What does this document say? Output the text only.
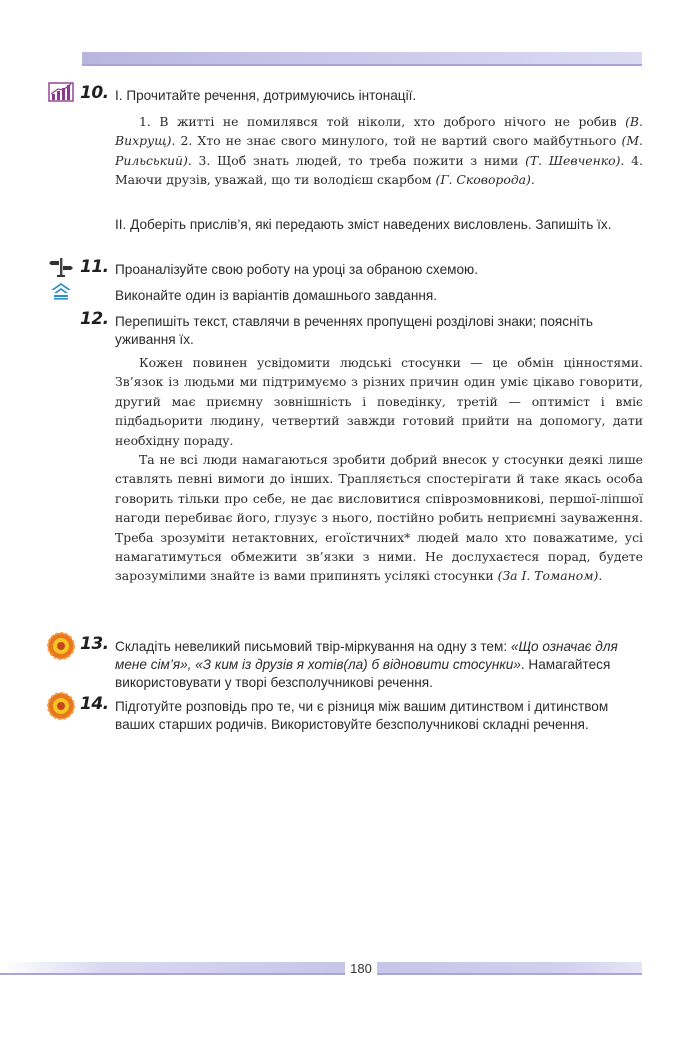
10. І. Прочитайте речення, дотримуючись інтонації.

1. В житті не помилявся той ніколи, хто доброго нічого не робив (В. Вихрущ). 2. Хто не знає свого минулого, той не вартий свого майбутнього (М. Рильський). 3. Щоб знать людей, то треба пожити з ними (Т. Шевченко). 4. Маючи друзів, уважай, що ти володієш скарбом (Г. Сковорода).

ІІ. Доберіть прислів’я, які передають зміст наведених висловлень. Запишіть їх.
11. Проаналізуйте свою роботу на уроці за обраною схемою.
Виконайте один із варіантів домашнього завдання.
12. Перепишіть текст, ставлячи в реченнях пропущені розділові знаки; поясніть уживання їх.

Кожен повинен усвідомити людські стосунки — це обмін цінностями. Зв’язок із людьми ми підтримуємо з різних причин один уміє цікаво говорити, другий має приємну зовнішність і поведінку, третій — оптиміст і вміє підбадьорити людину, четвертий завжди готовий прийти на допомогу, дати необхідну пораду.

Та не всі люди намагаються зробити добрий внесок у стосунки деякі лише ставлять певні вимоги до інших. Трапляється спостерігати й таке якась особа говорить тільки про себе, не дає висловитися співрозмовникові, першої-ліпшої нагоди перебиває його, глузує з нього, постійно робить неприємні зауваження. Треба зрозуміти нетактовних, егоїстичних* людей мало хто поважатиме, усі намагатимуться обмежити зв’язки з ними. Не дослухаєтеся порад, будете зарозумілими знайте із вами припинять усілякі стосунки (За І. Томаном).

13. Складіть невеликий письмовий твір-міркування на одну з тем: «Що означає для мене сім’я», «З ким із друзів я хотів(ла) б відновити стосунки». Намагайтеся використовувати у творі безсполучникові речення.
14. Підготуйте розповідь про те, чи є різниця між вашим дитинством і дитинством ваших старших родичів. Використовуйте безсполучникові складні речення.
180
